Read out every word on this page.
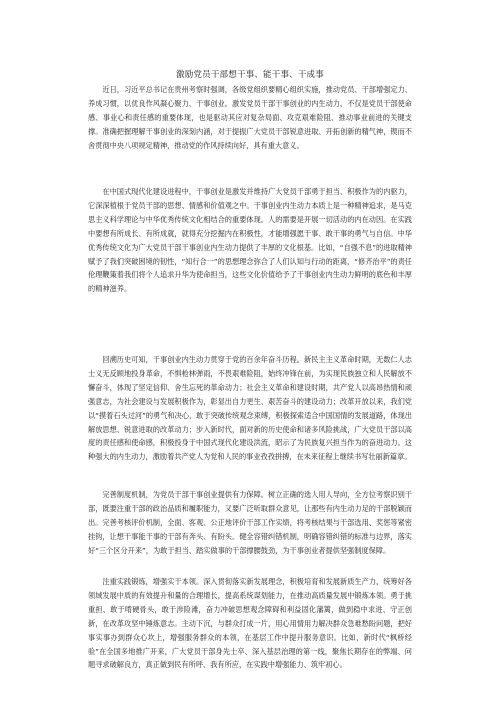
激励党员干部想干事、能干事、干成事

近日，习近平总书记在贵州考察时强调，各级党组织要精心组织实施，推动党员、干部增强定力、养成习惯，以优良作风凝心聚力、干事创业。激发党员干部干事创业的内生动力，不仅是党员干部使命感、事业心和责任感的重要体现，也是驱动其应对复杂局面、攻克艰难险阻、推动事业前进的关键支撑。准确把握理解干事创业的深刻内涵，对于提振广大党员干部锐意进取、开拓创新的精气神，锲而不舍贯彻中央八项规定精神，推动党的作风持续向好，具有重大意义。

在中国式现代化建设进程中，干事创业是激发并维持广大党员干部勇于担当、积极作为的内驱力，它深深植根于党员干部的思想、情感和价值观之中。干事创业内生动力本质上是一种精神追求，是马克思主义科学理论与中华优秀传统文化相结合的重要体现。人的需要是开展一切活动的内在动因。在实践中要想有所成长、有所成就，就得充分挖掘内在积极性，才能增强愿干事、敢干事的勇气与自信。中华优秀传统文化为广大党员干部干事创业内生动力提供了丰厚的文化根基。比如，“自强不息”的进取精神赋予了我们突破困境的韧性，“知行合一”的思想理念弥合了人们认知与行动的距离，“修齐治平”的责任伦理鞭策着我们将个人追求升华为使命担当，这些文化价值给予了干事创业内生动力鲜明的底色和丰厚的精神滋养。

回溯历史可知，干事创业内生动力贯穿于党的百余年奋斗历程。新民主主义革命时期，无数仁人志士义无反顾地投身革命，不惧枪林弹雨，不畏艰难险阻，始终冲锋在前，为实现民族独立和人民解放不懈奋斗，体现了坚定信仰、舍生忘死的革命动力；社会主义革命和建设时期，共产党人以高昂热情和顽强意志，为社会建设与发展积极作为，彰显出自力更生、艰苦奋斗的建设动力；改革开放以来，我们党以“摸着石头过河”的勇气和决心，敢于突破传统观念束缚，积极探索适合中国国情的发展道路，体现出解放思想、锐意进取的改革动力；步入新时代，面对新的历史使命和诸多风险挑战，广大党员干部以高度的责任感和使命感，积极投身于中国式现代化建设洪流，昭示了为民族复兴担当作为的奋进动力。这种强大的内生动力，激励着共产党人为党和人民的事业孜孜拼搏，在未来征程上继续书写壮丽新篇章。

完善制度机制，为党员干部干事创业提供有力保障。树立正确的选人用人导向，全方位考察识别干部，既要注重干部的政治品质和履职能力，又要广泛听取群众意见，让那些有内生动力足的干部脱颖而出。完善考核评价机制，全面、客观、公正地评价干部工作实绩，将考核结果与干部选用、奖惩等紧密挂钩，让想干事能干事的干部有奔头、有盼头。健全容错纠错机制，明确容错纠错的标准与边界，落实好“三个区分开来”，为敢于担当、踏实做事的干部撑腰鼓劲，为干事创业者提供坚强制度保障。

注重实践锻炼，增强实干本领。深入贯彻落实新发展理念，积极培育和发展新质生产力，统筹好各领域发展中质的有效提升和量的合理增长，提高系统谋划能力，在推动高质量发展中锻炼本领。勇于挑重担、敢于啃硬骨头，敢于涉险滩，奋力冲破思想观念障碍和利益固化藩篱，做到稳中求进、守正创新，在改革攻坚中锤炼意志。主动下沉，与群众打成一片，用心用情用力解决群众急难愁盼问题，把好事实事办到群众心坎上，增强服务群众的本领，在基层工作中提升服务意识。比如，新时代“枫桥经验”在全国多地推广开来，广大党员干部身先士卒、深入基层治理的第一线，聚焦长期存在的弊端、问题寻求破解良方，真正做到民有所呼、我有所应，在实践中增强能力、筑牢初心。
